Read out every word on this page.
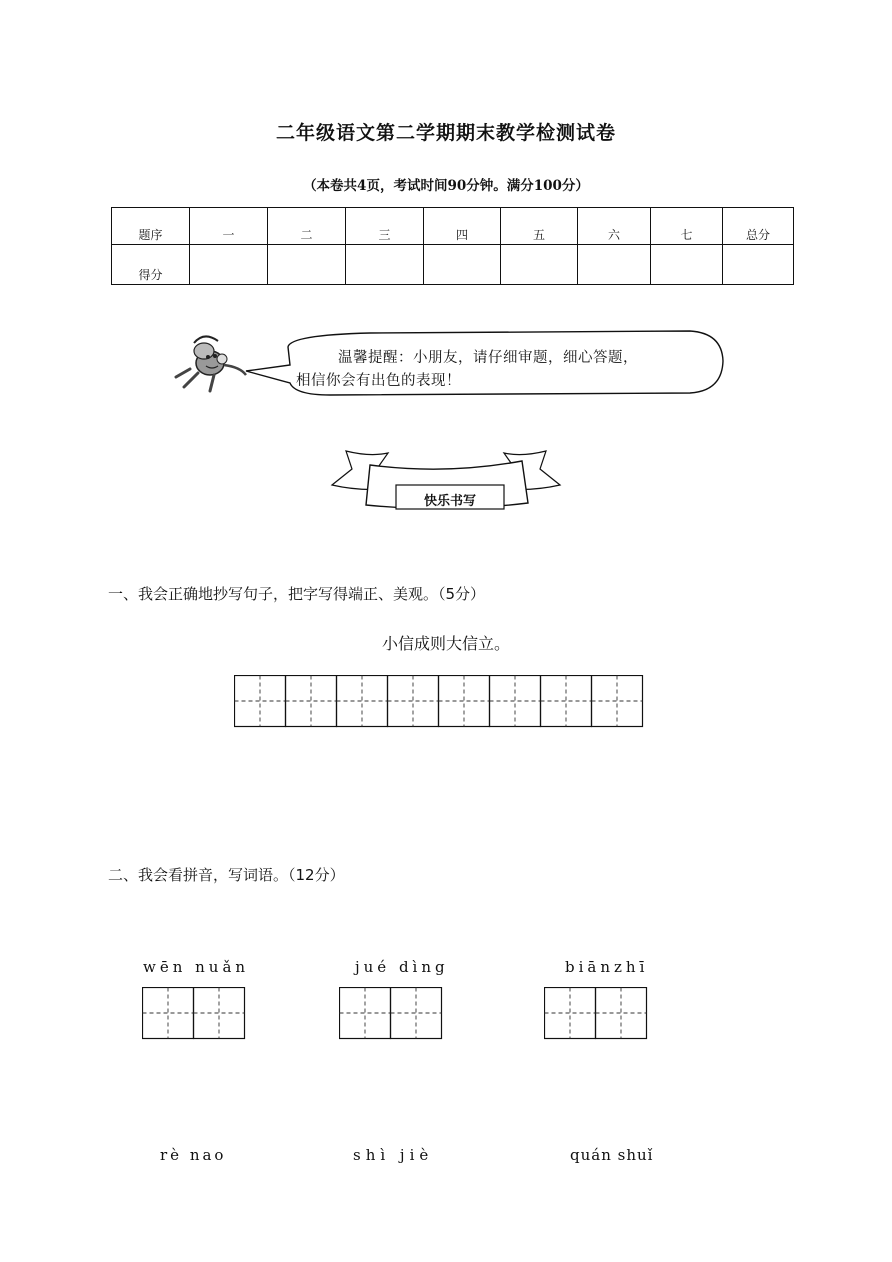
二年级语文第二学期期末教学检测试卷
（本卷共4页，考试时间90分钟。满分100分）
题序	一	二	三	四	五	六	七	总分
得分								
温馨提醒：小朋友，请仔细审题，细心答题，
相信你会有出色的表现！
快乐书写
一、我会正确地抄写句子，把字写得端正、美观。（5分）
小信成则大信立。
二、我会看拼音，写词语。（12分）
wēn nuǎn	jué dìng	biānzhī
rè nao	shì jiè	quán shuǐ
